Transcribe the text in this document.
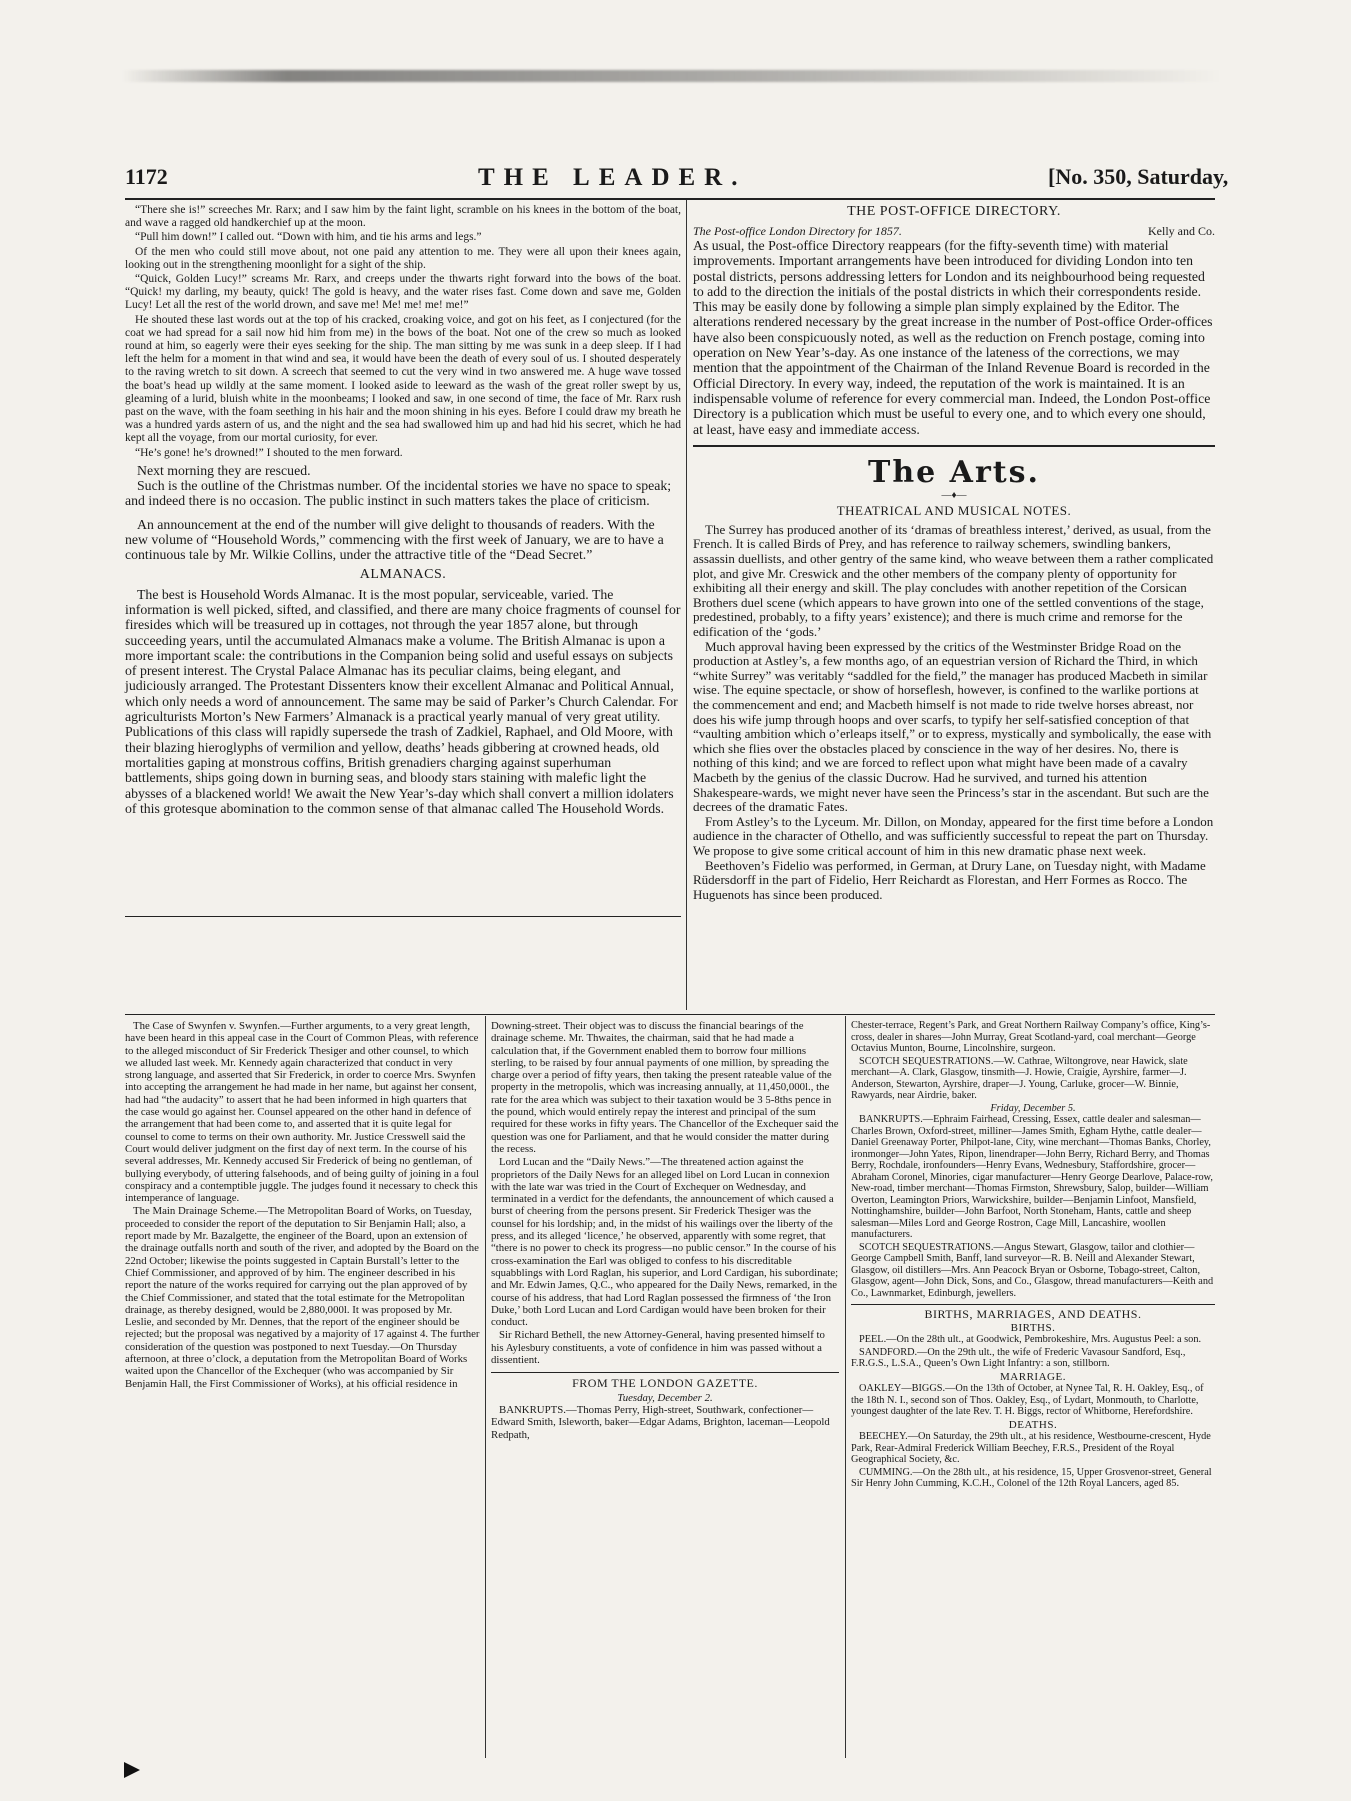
1172	THE LEADER.	[No. 350, Saturday,

“There she is!” screeches Mr. Rarx; and I saw him by the faint light, scramble on his knees in the bottom of the boat, and wave a ragged old handkerchief up at the moon.

“Pull him down!” I called out. “Down with him, and tie his arms and legs.”

Of the men who could still move about, not one paid any attention to me. They were all upon their knees again, looking out in the strengthening moonlight for a sight of the ship.

“Quick, Golden Lucy!” screams Mr. Rarx, and creeps under the thwarts right forward into the bows of the boat. “Quick! my darling, my beauty, quick! The gold is heavy, and the water rises fast. Come down and save me, Golden Lucy! Let all the rest of the world drown, and save me! Me! me! me! me!”

He shouted these last words out at the top of his cracked, croaking voice, and got on his feet, as I conjectured (for the coat we had spread for a sail now hid him from me) in the bows of the boat. Not one of the crew so much as looked round at him, so eagerly were their eyes seeking for the ship. The man sitting by me was sunk in a deep sleep. If I had left the helm for a moment in that wind and sea, it would have been the death of every soul of us. I shouted desperately to the raving wretch to sit down. A screech that seemed to cut the very wind in two answered me. A huge wave tossed the boat’s head up wildly at the same moment. I looked aside to leeward as the wash of the great roller swept by us, gleaming of a lurid, bluish white in the moonbeams; I looked and saw, in one second of time, the face of Mr. Rarx rush past on the wave, with the foam seething in his hair and the moon shining in his eyes. Before I could draw my breath he was a hundred yards astern of us, and the night and the sea had swallowed him up and had hid his secret, which he had kept all the voyage, from our mortal curiosity, for ever.

“He’s gone! he’s drowned!” I shouted to the men forward.

Next morning they are rescued.

Such is the outline of the Christmas number. Of the incidental stories we have no space to speak; and indeed there is no occasion. The public instinct in such matters takes the place of criticism.

An announcement at the end of the number will give delight to thousands of readers. With the new volume of “Household Words,” commencing with the first week of January, we are to have a continuous tale by Mr. Wilkie Collins, under the attractive title of the “Dead Secret.”

ALMANACS.

The best is Household Words Almanac. It is the most popular, serviceable, varied. The information is well picked, sifted, and classified, and there are many choice fragments of counsel for firesides which will be treasured up in cottages, not through the year 1857 alone, but through succeeding years, until the accumulated Almanacs make a volume. The British Almanac is upon a more important scale: the contributions in the Companion being solid and useful essays on subjects of present interest. The Crystal Palace Almanac has its peculiar claims, being elegant, and judiciously arranged. The Protestant Dissenters know their excellent Almanac and Political Annual, which only needs a word of announcement. The same may be said of Parker’s Church Calendar. For agriculturists Morton’s New Farmers’ Almanack is a practical yearly manual of very great utility. Publications of this class will rapidly supersede the trash of Zadkiel, Raphael, and Old Moore, with their blazing hieroglyphs of vermilion and yellow, deaths’ heads gibbering at crowned heads, old mortalities gaping at monstrous coffins, British grenadiers charging against superhuman battlements, ships going down in burning seas, and bloody stars staining with malefic light the abysses of a blackened world! We await the New Year’s-day which shall convert a million idolaters of this grotesque abomination to the common sense of that almanac called The Household Words.

THE POST-OFFICE DIRECTORY.
The Post-office London Directory for 1857.	Kelly and Co.

As usual, the Post-office Directory reappears (for the fifty-seventh time) with material improvements. Important arrangements have been introduced for dividing London into ten postal districts, persons addressing letters for London and its neighbourhood being requested to add to the direction the initials of the postal districts in which their correspondents reside. This may be easily done by following a simple plan simply explained by the Editor. The alterations rendered necessary by the great increase in the number of Post-office Order-offices have also been conspicuously noted, as well as the reduction on French postage, coming into operation on New Year’s-day. As one instance of the lateness of the corrections, we may mention that the appointment of the Chairman of the Inland Revenue Board is recorded in the Official Directory. In every way, indeed, the reputation of the work is maintained. It is an indispensable volume of reference for every commercial man. Indeed, the London Post-office Directory is a publication which must be useful to every one, and to which every one should, at least, have easy and immediate access.

The Arts.
—♦—
THEATRICAL AND MUSICAL NOTES.

The Surrey has produced another of its ‘dramas of breathless interest,’ derived, as usual, from the French. It is called Birds of Prey, and has reference to railway schemers, swindling bankers, assassin duellists, and other gentry of the same kind, who weave between them a rather complicated plot, and give Mr. Creswick and the other members of the company plenty of opportunity for exhibiting all their energy and skill. The play concludes with another repetition of the Corsican Brothers duel scene (which appears to have grown into one of the settled conventions of the stage, predestined, probably, to a fifty years’ existence); and there is much crime and remorse for the edification of the ‘gods.’

Much approval having been expressed by the critics of the Westminster Bridge Road on the production at Astley’s, a few months ago, of an equestrian version of Richard the Third, in which “white Surrey” was veritably “saddled for the field,” the manager has produced Macbeth in similar wise. The equine spectacle, or show of horseflesh, however, is confined to the warlike portions at the commencement and end; and Macbeth himself is not made to ride twelve horses abreast, nor does his wife jump through hoops and over scarfs, to typify her self-satisfied conception of that “vaulting ambition which o’erleaps itself,” or to express, mystically and symbolically, the ease with which she flies over the obstacles placed by conscience in the way of her desires. No, there is nothing of this kind; and we are forced to reflect upon what might have been made of a cavalry Macbeth by the genius of the classic Ducrow. Had he survived, and turned his attention Shakespeare-wards, we might never have seen the Princess’s star in the ascendant. But such are the decrees of the dramatic Fates.

From Astley’s to the Lyceum. Mr. Dillon, on Monday, appeared for the first time before a London audience in the character of Othello, and was sufficiently successful to repeat the part on Thursday. We propose to give some critical account of him in this new dramatic phase next week.

Beethoven’s Fidelio was performed, in German, at Drury Lane, on Tuesday night, with Madame Rüdersdorff in the part of Fidelio, Herr Reichardt as Florestan, and Herr Formes as Rocco. The Huguenots has since been produced.

The Case of Swynfen v. Swynfen.—Further arguments, to a very great length, have been heard in this appeal case in the Court of Common Pleas, with reference to the alleged misconduct of Sir Frederick Thesiger and other counsel, to which we alluded last week. Mr. Kennedy again characterized that conduct in very strong language, and asserted that Sir Frederick, in order to coerce Mrs. Swynfen into accepting the arrangement he had made in her name, but against her consent, had had “the audacity” to assert that he had been informed in high quarters that the case would go against her. Counsel appeared on the other hand in defence of the arrangement that had been come to, and asserted that it is quite legal for counsel to come to terms on their own authority. Mr. Justice Cresswell said the Court would deliver judgment on the first day of next term. In the course of his several addresses, Mr. Kennedy accused Sir Frederick of being no gentleman, of bullying everybody, of uttering falsehoods, and of being guilty of joining in a foul conspiracy and a contemptible juggle. The judges found it necessary to check this intemperance of language.

The Main Drainage Scheme.—The Metropolitan Board of Works, on Tuesday, proceeded to consider the report of the deputation to Sir Benjamin Hall; also, a report made by Mr. Bazalgette, the engineer of the Board, upon an extension of the drainage outfalls north and south of the river, and adopted by the Board on the 22nd October; likewise the points suggested in Captain Burstall’s letter to the Chief Commissioner, and approved of by him. The engineer described in his report the nature of the works required for carrying out the plan approved of by the Chief Commissioner, and stated that the total estimate for the Metropolitan drainage, as thereby designed, would be 2,880,000l. It was proposed by Mr. Leslie, and seconded by Mr. Dennes, that the report of the engineer should be rejected; but the proposal was negatived by a majority of 17 against 4. The further consideration of the question was postponed to next Tuesday.—On Thursday afternoon, at three o’clock, a deputation from the Metropolitan Board of Works waited upon the Chancellor of the Exchequer (who was accompanied by Sir Benjamin Hall, the First Commissioner of Works), at his official residence in

Downing-street. Their object was to discuss the financial bearings of the drainage scheme. Mr. Thwaites, the chairman, said that he had made a calculation that, if the Government enabled them to borrow four millions sterling, to be raised by four annual payments of one million, by spreading the charge over a period of fifty years, then taking the present rateable value of the property in the metropolis, which was increasing annually, at 11,450,000l., the rate for the area which was subject to their taxation would be 3 5-8ths pence in the pound, which would entirely repay the interest and principal of the sum required for these works in fifty years. The Chancellor of the Exchequer said the question was one for Parliament, and that he would consider the matter during the recess.

Lord Lucan and the “Daily News.”—The threatened action against the proprietors of the Daily News for an alleged libel on Lord Lucan in connexion with the late war was tried in the Court of Exchequer on Wednesday, and terminated in a verdict for the defendants, the announcement of which caused a burst of cheering from the persons present. Sir Frederick Thesiger was the counsel for his lordship; and, in the midst of his wailings over the liberty of the press, and its alleged ‘licence,’ he observed, apparently with some regret, that “there is no power to check its progress—no public censor.” In the course of his cross-examination the Earl was obliged to confess to his discreditable squabblings with Lord Raglan, his superior, and Lord Cardigan, his subordinate; and Mr. Edwin James, Q.C., who appeared for the Daily News, remarked, in the course of his address, that had Lord Raglan possessed the firmness of ‘the Iron Duke,’ both Lord Lucan and Lord Cardigan would have been broken for their conduct.

Sir Richard Bethell, the new Attorney-General, having presented himself to his Aylesbury constituents, a vote of confidence in him was passed without a dissentient.

FROM THE LONDON GAZETTE.
Tuesday, December 2.

BANKRUPTS.—Thomas Perry, High-street, Southwark, confectioner—Edward Smith, Isleworth, baker—Edgar Adams, Brighton, laceman—Leopold Redpath,

Chester-terrace, Regent’s Park, and Great Northern Railway Company’s office, King’s-cross, dealer in shares—John Murray, Great Scotland-yard, coal merchant—George Octavius Munton, Bourne, Lincolnshire, surgeon.

SCOTCH SEQUESTRATIONS.—W. Cathrae, Wiltongrove, near Hawick, slate merchant—A. Clark, Glasgow, tinsmith—J. Howie, Craigie, Ayrshire, farmer—J. Anderson, Stewarton, Ayrshire, draper—J. Young, Carluke, grocer—W. Binnie, Rawyards, near Airdrie, baker.

Friday, December 5.

BANKRUPTS.—Ephraim Fairhead, Cressing, Essex, cattle dealer and salesman—Charles Brown, Oxford-street, milliner—James Smith, Egham Hythe, cattle dealer—Daniel Greenaway Porter, Philpot-lane, City, wine merchant—Thomas Banks, Chorley, ironmonger—John Yates, Ripon, linendraper—John Berry, Richard Berry, and Thomas Berry, Rochdale, ironfounders—Henry Evans, Wednesbury, Staffordshire, grocer—Abraham Coronel, Minories, cigar manufacturer—Henry George Dearlove, Palace-row, New-road, timber merchant—Thomas Firmston, Shrewsbury, Salop, builder—William Overton, Leamington Priors, Warwickshire, builder—Benjamin Linfoot, Mansfield, Nottinghamshire, builder—John Barfoot, North Stoneham, Hants, cattle and sheep salesman—Miles Lord and George Rostron, Cage Mill, Lancashire, woollen manufacturers.

SCOTCH SEQUESTRATIONS.—Angus Stewart, Glasgow, tailor and clothier—George Campbell Smith, Banff, land surveyor—R. B. Neill and Alexander Stewart, Glasgow, oil distillers—Mrs. Ann Peacock Bryan or Osborne, Tobago-street, Calton, Glasgow, agent—John Dick, Sons, and Co., Glasgow, thread manufacturers—Keith and Co., Lawnmarket, Edinburgh, jewellers.

BIRTHS, MARRIAGES, AND DEATHS.
BIRTHS.

PEEL.—On the 28th ult., at Goodwick, Pembrokeshire, Mrs. Augustus Peel: a son.

SANDFORD.—On the 29th ult., the wife of Frederic Vavasour Sandford, Esq., F.R.G.S., L.S.A., Queen’s Own Light Infantry: a son, stillborn.

MARRIAGE.

OAKLEY—BIGGS.—On the 13th of October, at Nynee Tal, R. H. Oakley, Esq., of the 18th N. I., second son of Thos. Oakley, Esq., of Lydart, Monmouth, to Charlotte, youngest daughter of the late Rev. T. H. Biggs, rector of Whitborne, Herefordshire.

DEATHS.

BEECHEY.—On Saturday, the 29th ult., at his residence, Westbourne-crescent, Hyde Park, Rear-Admiral Frederick William Beechey, F.R.S., President of the Royal Geographical Society, &c.

CUMMING.—On the 28th ult., at his residence, 15, Upper Grosvenor-street, General Sir Henry John Cumming, K.C.H., Colonel of the 12th Royal Lancers, aged 85.
